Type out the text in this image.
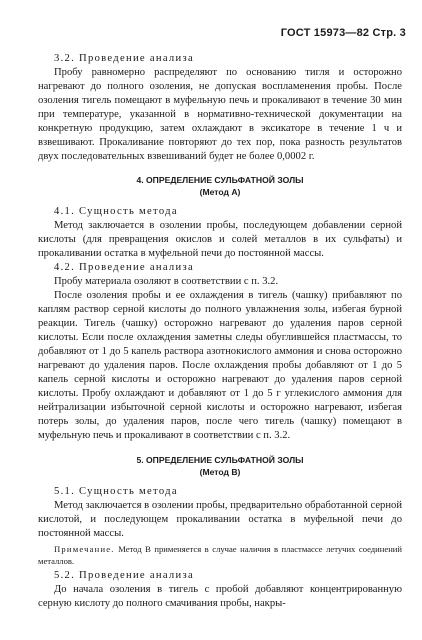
ГОСТ 15973—82 Стр. 3

3.2. Проведение анализа

Пробу равномерно распределяют по основанию тигля и осторожно нагревают до полного озоления, не допуская воспламенения пробы. После озоления тигель помещают в муфельную печь и прокаливают в течение 30 мин при температуре, указанной в нормативно-технической документации на конкретную продукцию, затем охлаждают в эксикаторе в течение 1 ч и взвешивают. Прокаливание повторяют до тех пор, пока разность результатов двух последовательных взвешиваний будет не более 0,0002 г.

4. ОПРЕДЕЛЕНИЕ СУЛЬФАТНОЙ ЗОЛЫ

(Метод А)

4.1. Сущность метода

Метод заключается в озолении пробы, последующем добавлении серной кислоты (для превращения окислов и солей металлов в их сульфаты) и прокаливании остатка в муфельной печи до постоянной массы.

4.2. Проведение анализа

Пробу материала озоляют в соответствии с п. 3.2.

После озоления пробы и ее охлаждения в тигель (чашку) прибавляют по каплям раствор серной кислоты до полного увлажнения золы, избегая бурной реакции. Тигель (чашку) осторожно нагревают до удаления паров серной кислоты. Если после охлаждения заметны следы обуглившейся пластмассы, то добавляют от 1 до 5 капель раствора азотнокислого аммония и снова осторожно нагревают до удаления паров. После охлаждения пробы добавляют от 1 до 5 капель серной кислоты и осторожно нагревают до удаления паров серной кислоты. Пробу охлаждают и добавляют от 1 до 5 г углекислого аммония для нейтрализации избыточной серной кислоты и осторожно нагревают, избегая потерь золы, до удаления паров, после чего тигель (чашку) помещают в муфельную печь и прокаливают в соответствии с п. 3.2.

5. ОПРЕДЕЛЕНИЕ СУЛЬФАТНОЙ ЗОЛЫ

(Метод В)

5.1. Сущность метода

Метод заключается в озолении пробы, предварительно обработанной серной кислотой, и последующем прокаливании остатка в муфельной печи до постоянной массы.

Примечание. Метод В применяется в случае наличия в пластмассе летучих соединений металлов.

5.2. Проведение анализа

До начала озоления в тигель с пробой добавляют концентрированную серную кислоту до полного смачивания пробы, накры-
